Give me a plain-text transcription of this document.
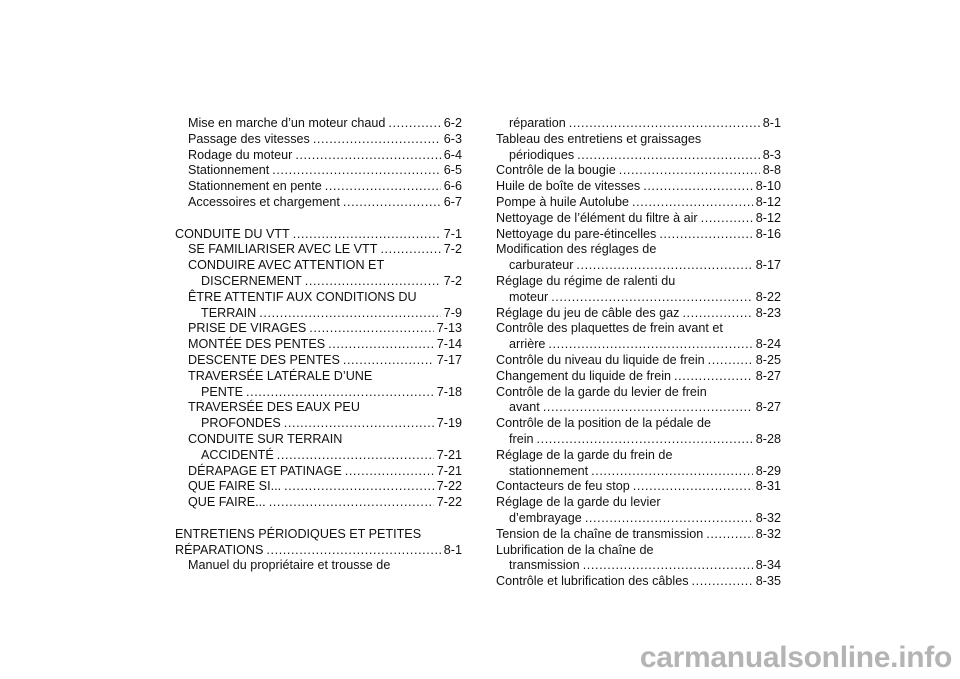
Mise en marche d’un moteur chaud .....	6-2
Passage des vitesses .....	6-3
Rodage du moteur .....	6-4
Stationnement .....	6-5
Stationnement en pente .....	6-6
Accessoires et chargement .....	6-7
CONDUITE DU VTT .....	7-1
SE FAMILIARISER AVEC LE VTT .....	7-2
CONDUIRE AVEC ATTENTION ET
DISCERNEMENT .....	7-2
ÊTRE ATTENTIF AUX CONDITIONS DU
TERRAIN .....	7-9
PRISE DE VIRAGES .....	7-13
MONTÉE DES PENTES .....	7-14
DESCENTE DES PENTES .....	7-17
TRAVERSÉE LATÉRALE D’UNE
PENTE .....	7-18
TRAVERSÉE DES EAUX PEU
PROFONDES .....	7-19
CONDUITE SUR TERRAIN
ACCIDENTÉ .....	7-21
DÉRAPAGE ET PATINAGE .....	7-21
QUE FAIRE SI... .....	7-22
QUE FAIRE... .....	7-22
ENTRETIENS PÉRIODIQUES ET PETITES
RÉPARATIONS .....	8-1
Manuel du propriétaire et trousse de
réparation .....	8-1
Tableau des entretiens et graissages
périodiques .....	8-3
Contrôle de la bougie .....	8-8
Huile de boîte de vitesses .....	8-10
Pompe à huile Autolube .....	8-12
Nettoyage de l’élément du filtre à air .....	8-12
Nettoyage du pare-étincelles .....	8-16
Modification des réglages de
carburateur .....	8-17
Réglage du régime de ralenti du
moteur .....	8-22
Réglage du jeu de câble des gaz .....	8-23
Contrôle des plaquettes de frein avant et
arrière .....	8-24
Contrôle du niveau du liquide de frein .....	8-25
Changement du liquide de frein .....	8-27
Contrôle de la garde du levier de frein
avant .....	8-27
Contrôle de la position de la pédale de
frein .....	8-28
Réglage de la garde du frein de
stationnement .....	8-29
Contacteurs de feu stop .....	8-31
Réglage de la garde du levier
d’embrayage .....	8-32
Tension de la chaîne de transmission .....	8-32
Lubrification de la chaîne de
transmission .....	8-34
Contrôle et lubrification des câbles .....	8-35
carmanualsonline.info
